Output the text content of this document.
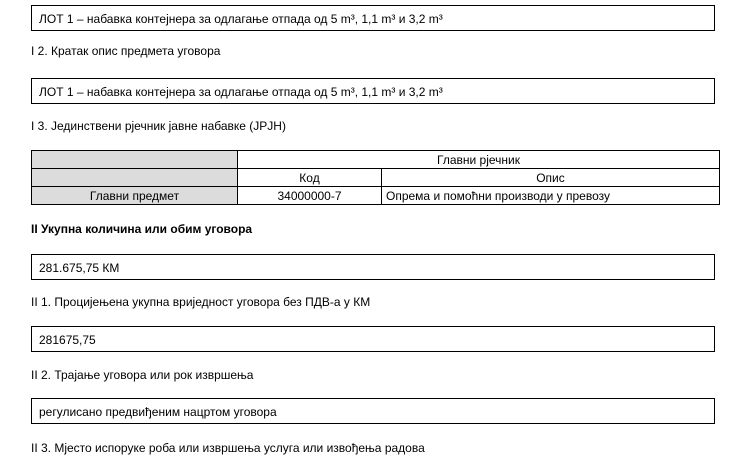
ЛОТ 1 – набавка контејнера за одлагање отпада од 5 m³, 1,1 m³ и 3,2 m³
I 2. Кратак опис предмета уговора
ЛОТ 1 – набавка контејнера за одлагање отпада од 5 m³, 1,1 m³ и 3,2 m³
I 3. Јединствени рјечник јавне набавке (JPJH)
	Главни рјечник	
	Код	Опис
Главни предмет	34000000-7	Опрема и помоћни производи у превозу
II Укупна количина или обим уговора
281.675,75 КМ
II 1. Процијењена укупна вриједност уговора без ПДВ-а у КМ
281675,75
II 2. Трајање уговора или рок извршења
регулисано предвиђеним нацртом уговора
II 3. Мјесто испоруке роба или извршења услуга или извођења радова
